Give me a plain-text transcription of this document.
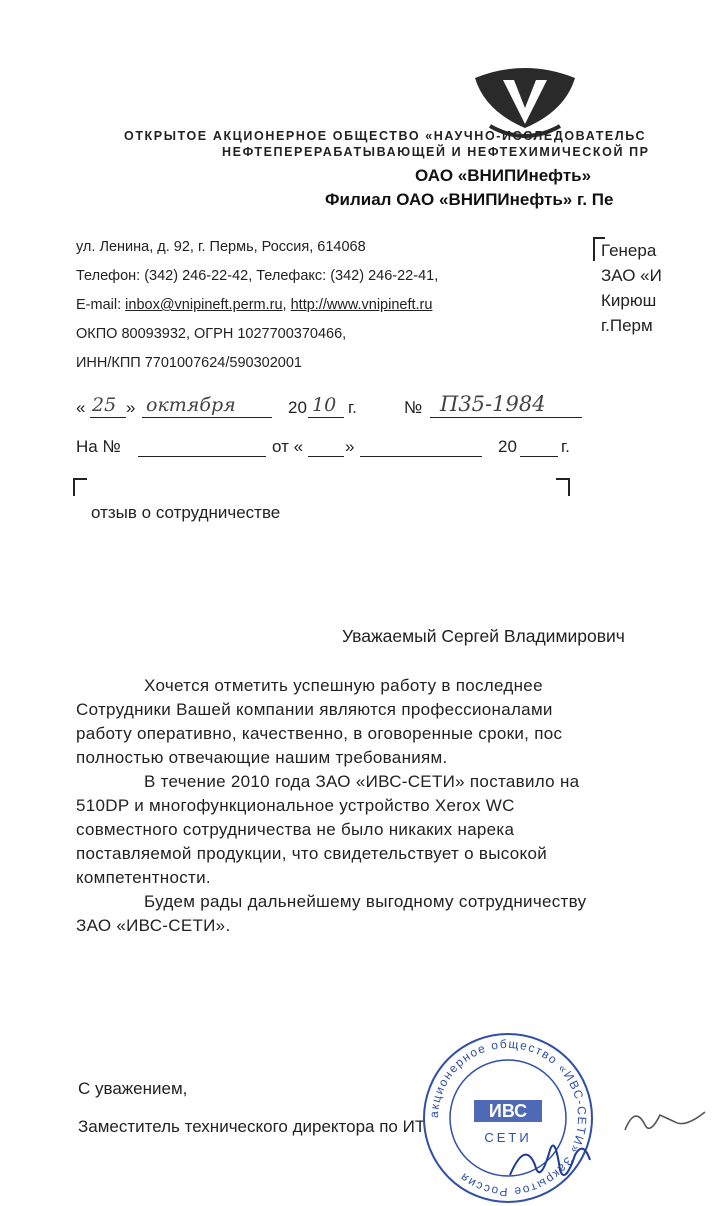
ОТКРЫТОЕ АКЦИОНЕРНОЕ ОБЩЕСТВО «НАУЧНО-ИССЛЕДОВАТЕЛЬС
НЕФТЕПЕРЕРАБАТЫВАЮЩЕЙ И НЕФТЕХИМИЧЕСКОЙ ПР
ОАО «ВНИПИнефть»
Филиал ОАО «ВНИПИнефть» г. Пе
ул. Ленина, д. 92, г. Пермь, Россия, 614068
Телефон: (342) 246-22-42, Телефакс: (342) 246-22-41,
E-mail: inbox@vnipineft.perm.ru, http://www.vnipineft.ru
ОКПО 80093932, ОГРН 1027700370466,
ИНН/КПП 7701007624/590302001
Генера
ЗАО «И
Кирюш
г.Перм
« 25 » октября	20 10 г.	№ П35-1984
На №	от « »	20	г.
отзыв о сотрудничестве
Уважаемый Сергей Владимирович
Хочется отметить успешную работу в последнее
Сотрудники Вашей компании являются профессионалами
работу оперативно, качественно, в оговоренные сроки, пос
полностью отвечающие нашим требованиям.
В течение 2010 года ЗАО «ИВС-СЕТИ» поставило на
510DP и многофункциональное устройство Xerox WC
совместного сотрудничества не было никаких нарека
поставляемой продукции, что свидетельствует о высокой
компетентности.
Будем рады дальнейшему выгодному сотрудничеству
ЗАО «ИВС-СЕТИ».
С уважением,
Заместитель технического директора по ИТ
акционерное общество «ИВС-СЕТИ» Закрытое Россия
ИВС
СЕТИ
